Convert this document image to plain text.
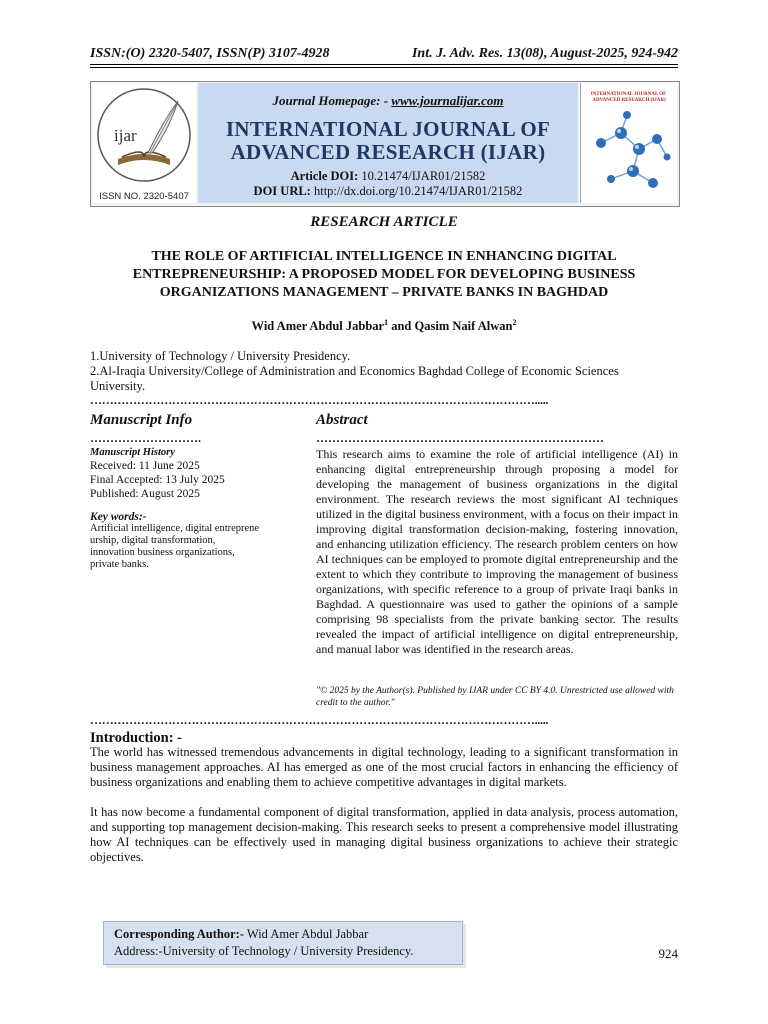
ISSN:(O) 2320-5407, ISSN(P) 3107-4928	Int. J. Adv. Res. 13(08), August-2025, 924-942
ijar
ISSN NO. 2320-5407
Journal Homepage: - www.journalijar.com
INTERNATIONAL JOURNAL OF
ADVANCED RESEARCH (IJAR)
Article DOI: 10.21474/IJAR01/21582
DOI URL: http://dx.doi.org/10.21474/IJAR01/21582
INTERNATIONAL JOURNAL OF ADVANCED RESEARCH (IJAR)
RESEARCH ARTICLE
THE ROLE OF ARTIFICIAL INTELLIGENCE IN ENHANCING DIGITAL
ENTREPRENEURSHIP: A PROPOSED MODEL FOR DEVELOPING BUSINESS
ORGANIZATIONS MANAGEMENT – PRIVATE BANKS IN BAGHDAD
Wid Amer Abdul Jabbar$^1$ and Qasim Naif Alwan$^2$
1.University of Technology / University Presidency.
2.Al-Iraqia University/College of Administration and Economics Baghdad College of Economic Sciences University.
…………………………………………………………………………………………………….....
Manuscript Info
……………………….

Manuscript History

Received: 11 June 2025

Final Accepted: 13 July 2025

Published: August 2025

Key words:-

Artificial intelligence, digital entreprene urship, digital transformation, innovation business organizations, private banks.

Abstract
………………………………………………………………
This research aims to examine the role of artificial intelligence (AI) in enhancing digital entrepreneurship through proposing a model for developing the management of business organizations in the digital environment. The research reviews the most significant AI techniques utilized in the digital business environment, with a focus on their impact in improving digital transformation decision-making, fostering innovation, and enhancing utilization efficiency. The research problem centers on how AI techniques can be employed to promote digital entrepreneurship and the extent to which they contribute to improving the management of business organizations, with specific reference to a group of private Iraqi banks in Baghdad. A questionnaire was used to gather the opinions of a sample comprising 98 specialists from the private banking sector. The results revealed the impact of artificial intelligence on digital entrepreneurship, and manual labor was identified in the research areas.
"© 2025 by the Author(s). Published by IJAR under CC BY 4.0. Unrestricted use allowed with credit to the author."
…………………………………………………………………………………………………….....
Introduction: -

The world has witnessed tremendous advancements in digital technology, leading to a significant transformation in business management approaches. AI has emerged as one of the most crucial factors in enhancing the efficiency of business organizations and enabling them to achieve competitive advantages in digital markets.

It has now become a fundamental component of digital transformation, applied in data analysis, process automation, and supporting top management decision-making. This research seeks to present a comprehensive model illustrating how AI techniques can be effectively used in managing digital business organizations to achieve their strategic objectives.

Corresponding Author:- Wid Amer Abdul Jabbar
Address:-University of Technology / University Presidency.	924
